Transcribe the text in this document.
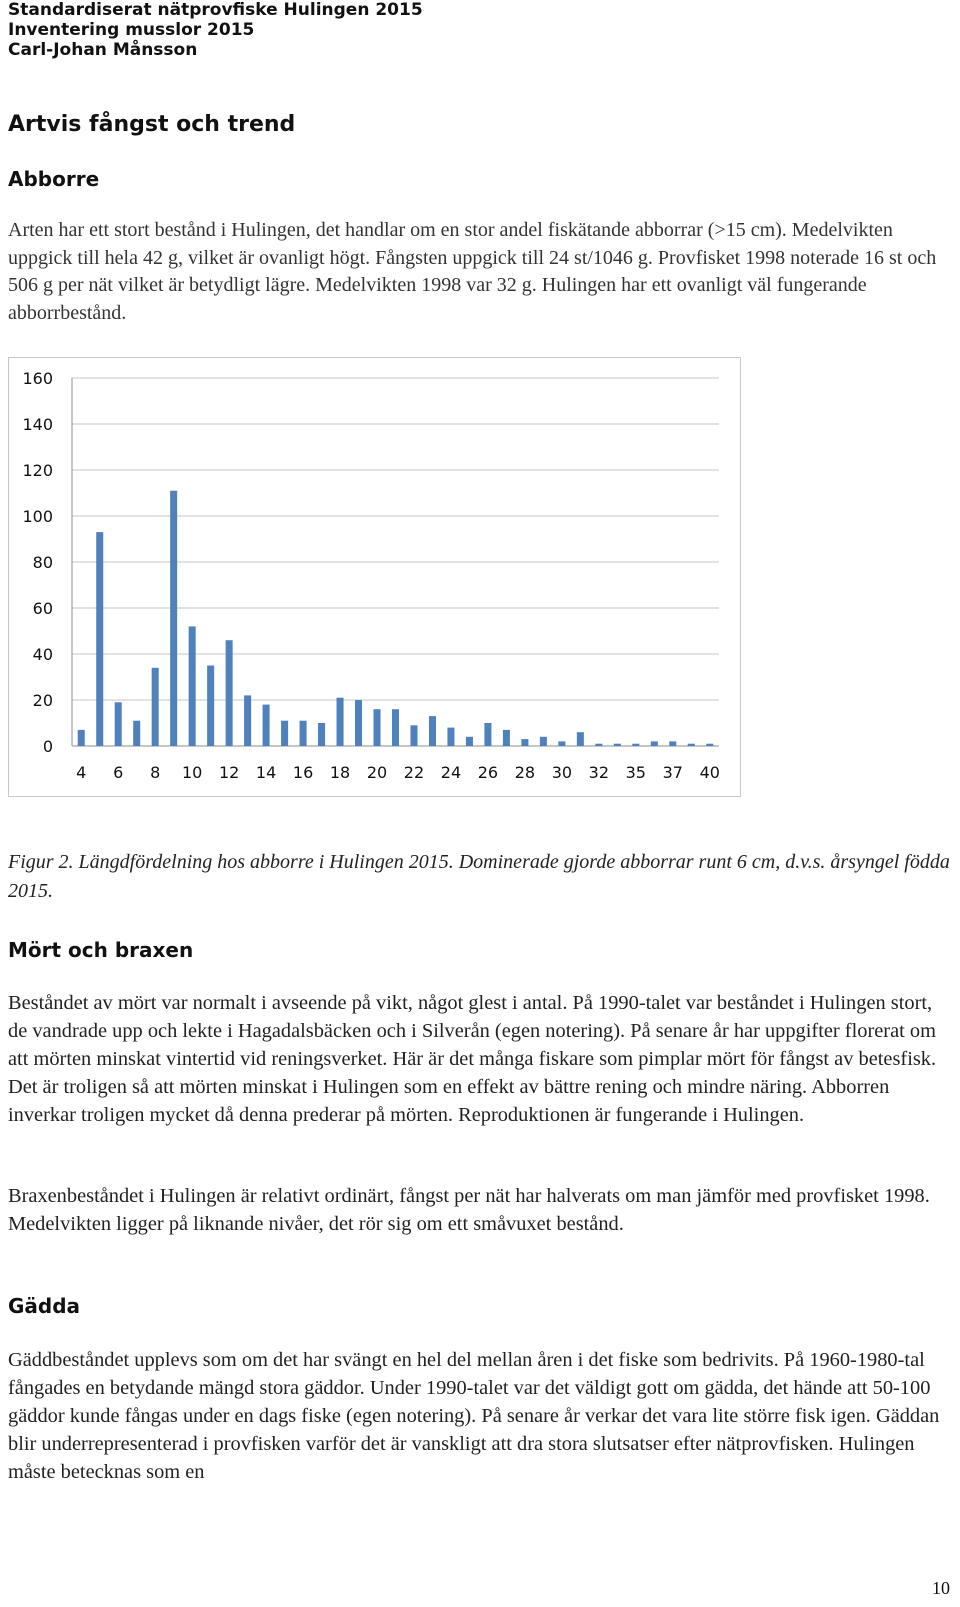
Standardiserat nätprovfiske Hulingen 2015
Inventering musslor 2015
Carl-Johan Månsson
Artvis fångst och trend
Abborre

Arten har ett stort bestånd i Hulingen, det handlar om en stor andel fiskätande abborrar (>15 cm). Medelvikten uppgick till hela 42 g, vilket är ovanligt högt. Fångsten uppgick till 24 st/1046 g. Provfisket 1998 noterade 16 st och 506 g per nät vilket är betydligt lägre. Medelvikten 1998 var 32 g. Hulingen har ett ovanligt väl fungerande abborrbestånd.

0
20
40
60
80
100
120
140
160
4 6 8 10 12 14 16 18 20 22 24 26 28 30 32 35 37 40

Figur 2. Längdfördelning hos abborre i Hulingen 2015. Dominerade gjorde abborrar runt 6 cm, d.v.s. årsyngel födda 2015.

Mört och braxen

Beståndet av mört var normalt i avseende på vikt, något glest i antal. På 1990-talet var beståndet i Hulingen stort, de vandrade upp och lekte i Hagadalsbäcken och i Silverån (egen notering). På senare år har uppgifter florerat om att mörten minskat vintertid vid reningsverket. Här är det många fiskare som pimplar mört för fångst av betesfisk. Det är troligen så att mörten minskat i Hulingen som en effekt av bättre rening och mindre näring. Abborren inverkar troligen mycket då denna prederar på mörten. Reproduktionen är fungerande i Hulingen.

Braxenbeståndet i Hulingen är relativt ordinärt, fångst per nät har halverats om man jämför med provfisket 1998. Medelvikten ligger på liknande nivåer, det rör sig om ett småvuxet bestånd.

Gädda

Gäddbeståndet upplevs som om det har svängt en hel del mellan åren i det fiske som bedrivits. På 1960-1980-tal fångades en betydande mängd stora gäddor. Under 1990-talet var det väldigt gott om gädda, det hände att 50-100 gäddor kunde fångas under en dags fiske (egen notering). På senare år verkar det vara lite större fisk igen. Gäddan blir underrepresenterad i provfisken varför det är vanskligt att dra stora slutsatser efter nätprovfisken. Hulingen måste betecknas som en

10
